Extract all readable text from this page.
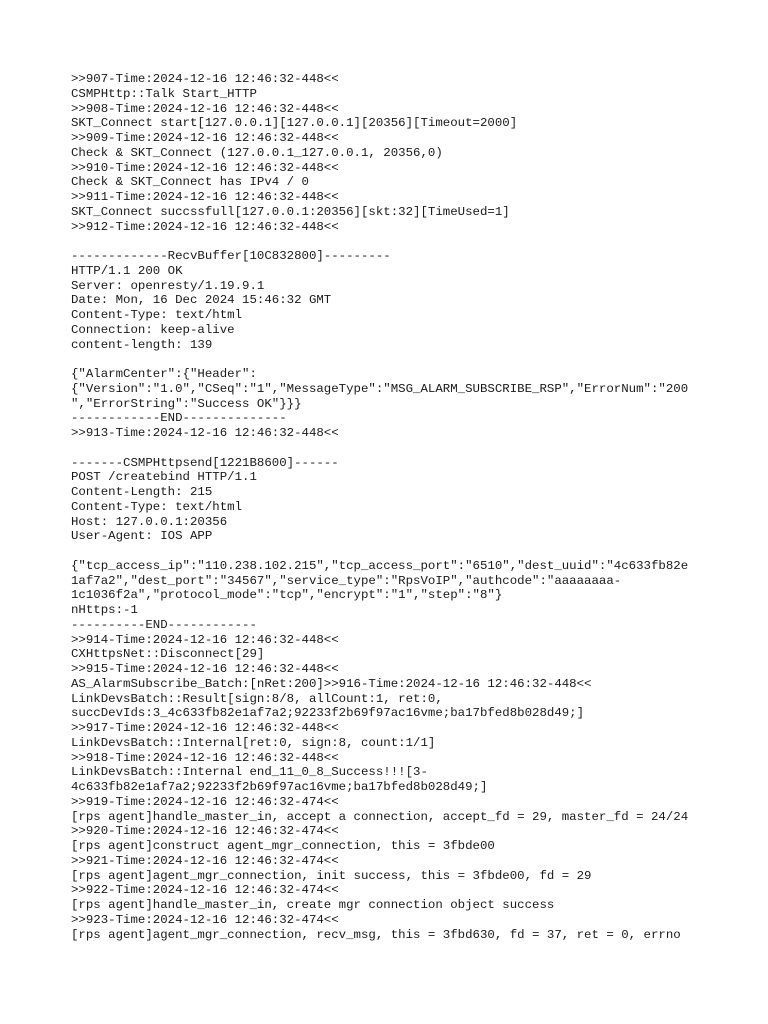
>>907-Time:2024-12-16 12:46:32-448<<
CSMPHttp::Talk Start_HTTP
>>908-Time:2024-12-16 12:46:32-448<<
SKT_Connect start[127.0.0.1][127.0.0.1][20356][Timeout=2000]
>>909-Time:2024-12-16 12:46:32-448<<
Check & SKT_Connect (127.0.0.1_127.0.0.1, 20356,0)
>>910-Time:2024-12-16 12:46:32-448<<
Check & SKT_Connect has IPv4 / 0
>>911-Time:2024-12-16 12:46:32-448<<
SKT_Connect succssfull[127.0.0.1:20356][skt:32][TimeUsed=1]
>>912-Time:2024-12-16 12:46:32-448<<
-------------RecvBuffer[10C832800]---------
HTTP/1.1 200 OK
Server: openresty/1.19.9.1
Date: Mon, 16 Dec 2024 15:46:32 GMT
Content-Type: text/html
Connection: keep-alive
content-length: 139
{"AlarmCenter":{"Header":
{"Version":"1.0","CSeq":"1","MessageType":"MSG_ALARM_SUBSCRIBE_RSP","ErrorNum":"200
","ErrorString":"Success OK"}}}
------------END--------------
>>913-Time:2024-12-16 12:46:32-448<<
-------CSMPHttpsend[1221B8600]------
POST /createbind HTTP/1.1
Content-Length: 215
Content-Type: text/html
Host: 127.0.0.1:20356
User-Agent: IOS APP
{"tcp_access_ip":"110.238.102.215","tcp_access_port":"6510","dest_uuid":"4c633fb82e
1af7a2","dest_port":"34567","service_type":"RpsVoIP","authcode":"aaaaaaaa-
1c1036f2a","protocol_mode":"tcp","encrypt":"1","step":"8"}
nHttps:-1
----------END------------
>>914-Time:2024-12-16 12:46:32-448<<
CXHttpsNet::Disconnect[29]
>>915-Time:2024-12-16 12:46:32-448<<
AS_AlarmSubscribe_Batch:[nRet:200]>>916-Time:2024-12-16 12:46:32-448<<
LinkDevsBatch::Result[sign:8/8, allCount:1, ret:0,
succDevIds:3_4c633fb82e1af7a2;92233f2b69f97ac16vme;ba17bfed8b028d49;]
>>917-Time:2024-12-16 12:46:32-448<<
LinkDevsBatch::Internal[ret:0, sign:8, count:1/1]
>>918-Time:2024-12-16 12:46:32-448<<
LinkDevsBatch::Internal end_11_0_8_Success!!![3-
4c633fb82e1af7a2;92233f2b69f97ac16vme;ba17bfed8b028d49;]
>>919-Time:2024-12-16 12:46:32-474<<
[rps agent]handle_master_in, accept a connection, accept_fd = 29, master_fd = 24/24
>>920-Time:2024-12-16 12:46:32-474<<
[rps agent]construct agent_mgr_connection, this = 3fbde00
>>921-Time:2024-12-16 12:46:32-474<<
[rps agent]agent_mgr_connection, init success, this = 3fbde00, fd = 29
>>922-Time:2024-12-16 12:46:32-474<<
[rps agent]handle_master_in, create mgr connection object success
>>923-Time:2024-12-16 12:46:32-474<<
[rps agent]agent_mgr_connection, recv_msg, this = 3fbd630, fd = 37, ret = 0, errno
